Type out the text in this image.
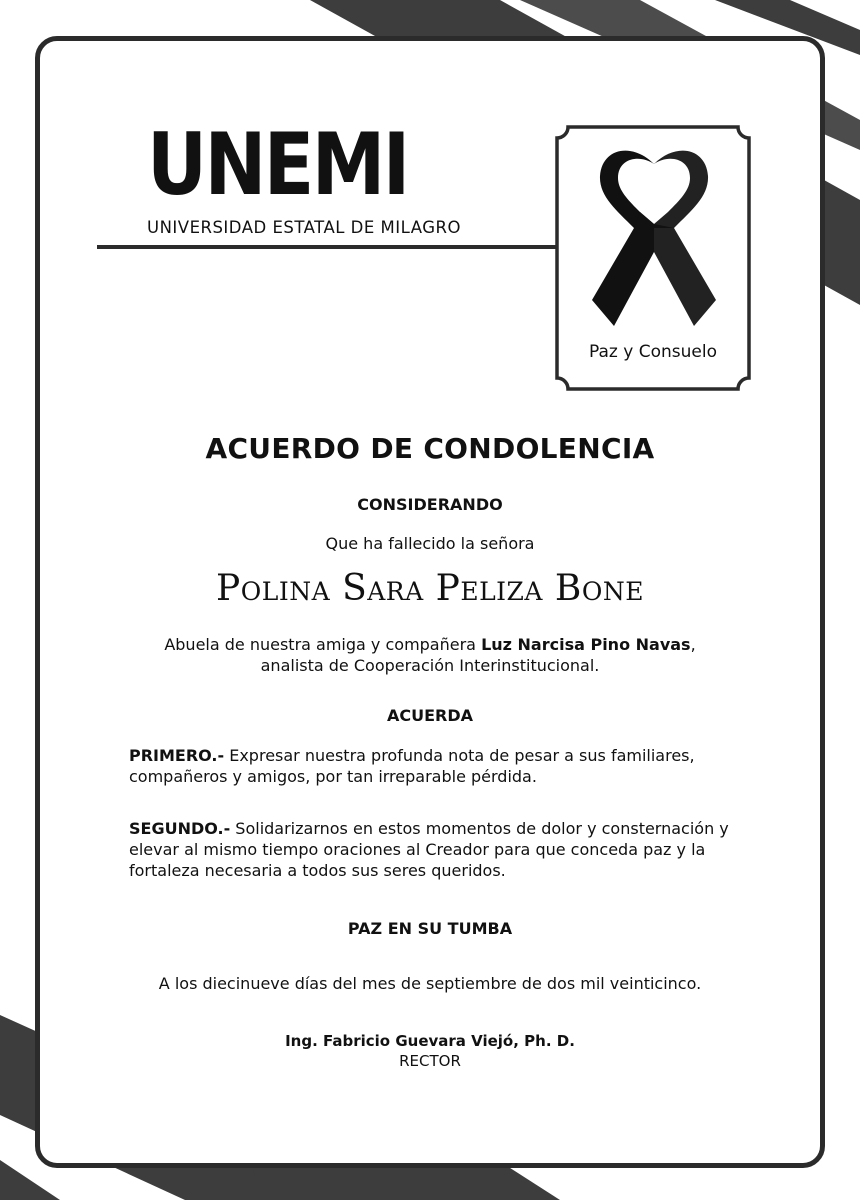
UNEMI
UNIVERSIDAD ESTATAL DE MILAGRO
Paz y Consuelo
ACUERDO DE CONDOLENCIA
CONSIDERANDO
Que ha fallecido la señora
Polina Sara Peliza Bone
Abuela de nuestra amiga y compañera Luz Narcisa Pino Navas,
analista de Cooperación Interinstitucional.
ACUERDA
PRIMERO.- Expresar nuestra profunda nota de pesar a sus familiares, compañeros y amigos, por tan irreparable pérdida.
SEGUNDO.- Solidarizarnos en estos momentos de dolor y consternación y elevar al mismo tiempo oraciones al Creador para que conceda paz y la fortaleza necesaria a todos sus seres queridos.
PAZ EN SU TUMBA
A los diecinueve días del mes de septiembre de dos mil veinticinco.
Ing. Fabricio Guevara Viejó, Ph. D.
RECTOR
